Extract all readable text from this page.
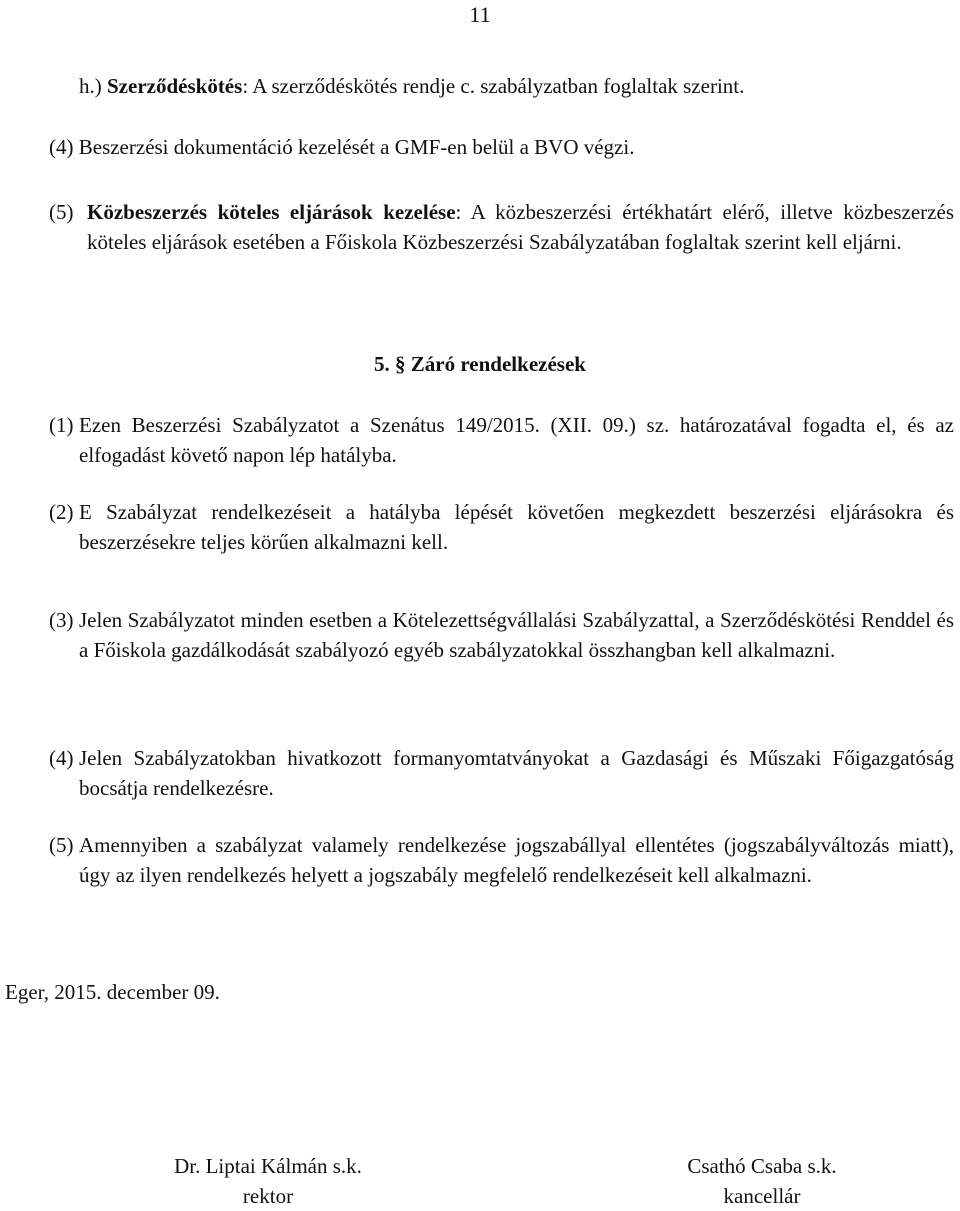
11
h.) Szerződéskötés: A szerződéskötés rendje c. szabályzatban foglaltak szerint.
(4) Beszerzési dokumentáció kezelését a GMF-en belül a BVO végzi.
(5) Közbeszerzés köteles eljárások kezelése: A közbeszerzési értékhatárt elérő, illetve közbeszerzés köteles eljárások esetében a Főiskola Közbeszerzési Szabályzatában foglaltak szerint kell eljárni.
5. § Záró rendelkezések
(1) Ezen Beszerzési Szabályzatot a Szenátus 149/2015. (XII. 09.) sz. határozatával fogadta el, és az elfogadást követő napon lép hatályba.
(2) E Szabályzat rendelkezéseit a hatályba lépését követően megkezdett beszerzési eljárásokra és beszerzésekre teljes körűen alkalmazni kell.
(3) Jelen Szabályzatot minden esetben a Kötelezettségvállalási Szabályzattal, a Szerződéskötési Renddel és a Főiskola gazdálkodását szabályozó egyéb szabályzatokkal összhangban kell alkalmazni.
(4) Jelen Szabályzatokban hivatkozott formanyomtatványokat a Gazdasági és Műszaki Főigazgatóság bocsátja rendelkezésre.
(5) Amennyiben a szabályzat valamely rendelkezése jogszabállyal ellentétes (jogszabályváltozás miatt), úgy az ilyen rendelkezés helyett a jogszabály megfelelő rendelkezéseit kell alkalmazni.
Eger, 2015. december 09.
Dr. Liptai Kálmán s.k.
rektor
Csathó Csaba s.k.
kancellár
